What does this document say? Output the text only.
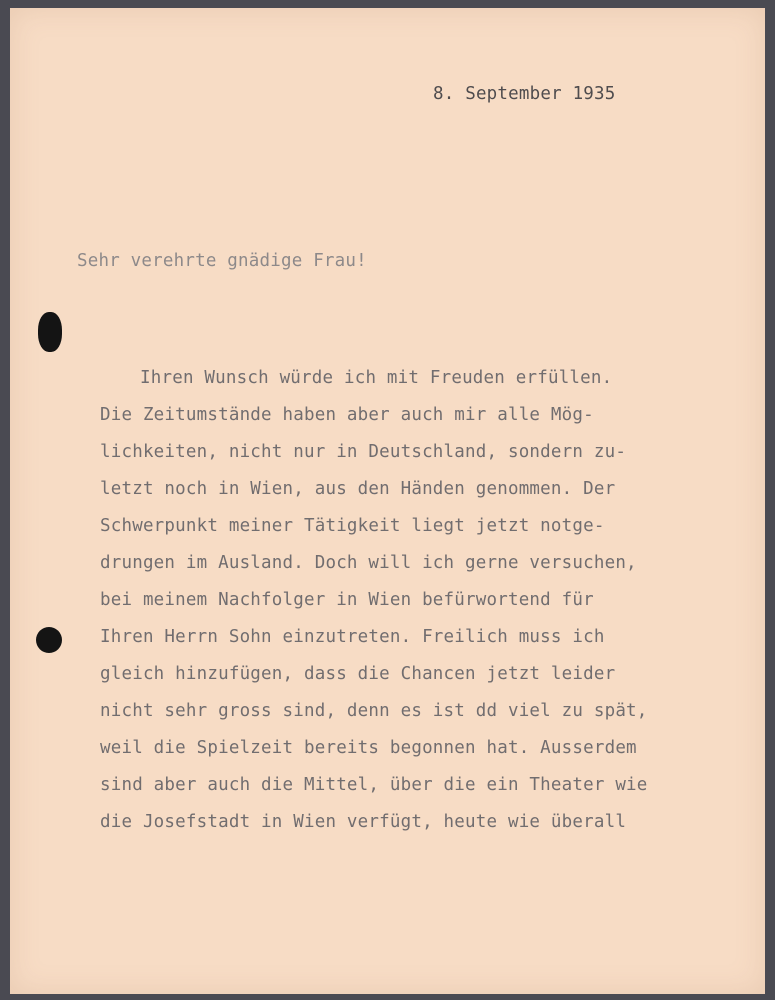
8. September 1935
Sehr verehrte gnädige Frau!
Ihren Wunsch würde ich mit Freuden erfüllen.
Die Zeitumstände haben aber auch mir alle Mög-
lichkeiten, nicht nur in Deutschland, sondern zu-
letzt noch in Wien, aus den Händen genommen. Der
Schwerpunkt meiner Tätigkeit liegt jetzt notge-
drungen im Ausland. Doch will ich gerne versuchen,
bei meinem Nachfolger in Wien befürwortend für
Ihren Herrn Sohn einzutreten. Freilich muss ich
gleich hinzufügen, dass die Chancen jetzt leider
nicht sehr gross sind, denn es ist dd viel zu spät,
weil die Spielzeit bereits begonnen hat. Ausserdem
sind aber auch die Mittel, über die ein Theater wie
die Josefstadt in Wien verfügt, heute wie überall
